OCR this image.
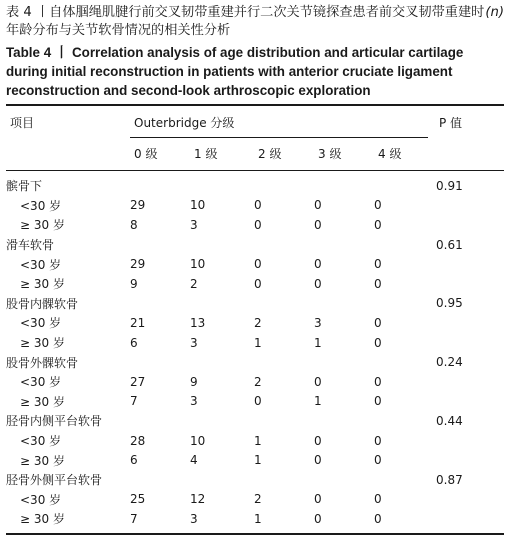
(n)
表 4 丨自体腘绳肌腱行前交叉韧带重建并行二次关节镜探查患者前交叉韧带重建时年龄分布与关节软骨情况的相关性分析
Table 4 丨 Correlation analysis of age distribution and articular cartilage during initial reconstruction in patients with anterior cruciate ligament reconstruction and second-look arthroscopic exploration
项目	Outerbridge 分级	P 值
0 级	1 级	2 级	3 级	4 级
髌骨下						0.91
<30 岁	29	10	0	0	0	
≥ 30 岁	8	3	0	0	0	
滑车软骨						0.61
<30 岁	29	10	0	0	0	
≥ 30 岁	9	2	0	0	0	
股骨内髁软骨						0.95
<30 岁	21	13	2	3	0	
≥ 30 岁	6	3	1	1	0	
股骨外髁软骨						0.24
<30 岁	27	9	2	0	0	
≥ 30 岁	7	3	0	1	0	
胫骨内侧平台软骨						0.44
<30 岁	28	10	1	0	0	
≥ 30 岁	6	4	1	0	0	
胫骨外侧平台软骨						0.87
<30 岁	25	12	2	0	0	
≥ 30 岁	7	3	1	0	0	
